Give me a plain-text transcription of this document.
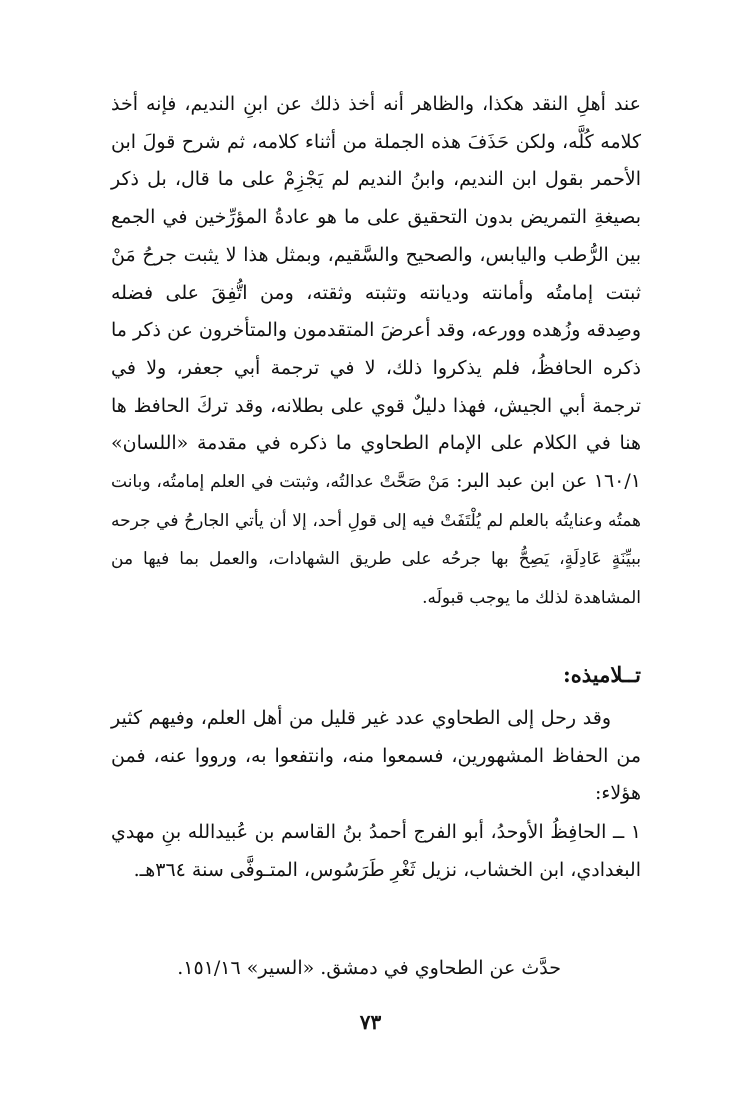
عند أهلِ النقد هكذا، والظاهر أنه أخذ ذلك عن ابنِ النديم، فإنه أخذ كلامه كُلَّه، ولكن حَذَفَ هذه الجملة من أثناء كلامه، ثم شرح قولَ ابن الأحمر بقول ابن النديم، وابنُ النديم لم يَجْزِمْ على ما قال، بل ذكر بصيغةِ التمريض بدون التحقيق على ما هو عادةُ المؤرِّخين في الجمع بين الرُّطب واليابس، والصحيح والسَّقيم، وبمثل هذا لا يثبت جرحُ مَنْ ثبتت إمامتُه وأمانته وديانته وتثبته وثقته، ومن اتُّفِقَ على فضله وصِدقه وزُهده وورعه، وقد أعرضَ المتقدمون والمتأخرون عن ذكر ما ذكره الحافظُ، فلم يذكروا ذلك، لا في ترجمة أبي جعفر، ولا في ترجمة أبي الجيش، فهذا دليلٌ قوي على بطلانه، وقد تركَ الحافظ ها هنا في الكلام على الإمام الطحاوي ما ذكره في مقدمة «اللسان» ١٦٠/١ عن ابن عبد البر: مَنْ صَحَّتْ عدالتُه، وثبتت في العلم إمامتُه، وبانت همتُه وعنايتُه بالعلم لم يُلْتَفَتْ فيه إلى قولِ أحد، إلا أن يأتي الجارحُ في جرحه ببيِّنَةٍ عَادِلَةٍ، يَصِحُّ بها جرحُه على طريق الشهادات، والعمل بما فيها من المشاهدة لذلك ما يوجب قبولَه.

تــلاميذه:

وقد رحل إلى الطحاوي عدد غير قليل من أهل العلم، وفيهم كثير من الحفاظ المشهورين، فسمعوا منه، وانتفعوا به، ورووا عنه، فمن هؤلاء:

١ ــ الحافِظُ الأوحدُ، أبو الفرج أحمدُ بنُ القاسم بن عُبيدالله بنِ مهدي البغدادي، ابن الخشاب، نزيل ثَغْرِ طَرَسُوس، المتـوفَّى سنة ٣٦٤هـ.

حدَّث عن الطحاوي في دمشق. «السير» ١٥١/١٦.

٧٣
